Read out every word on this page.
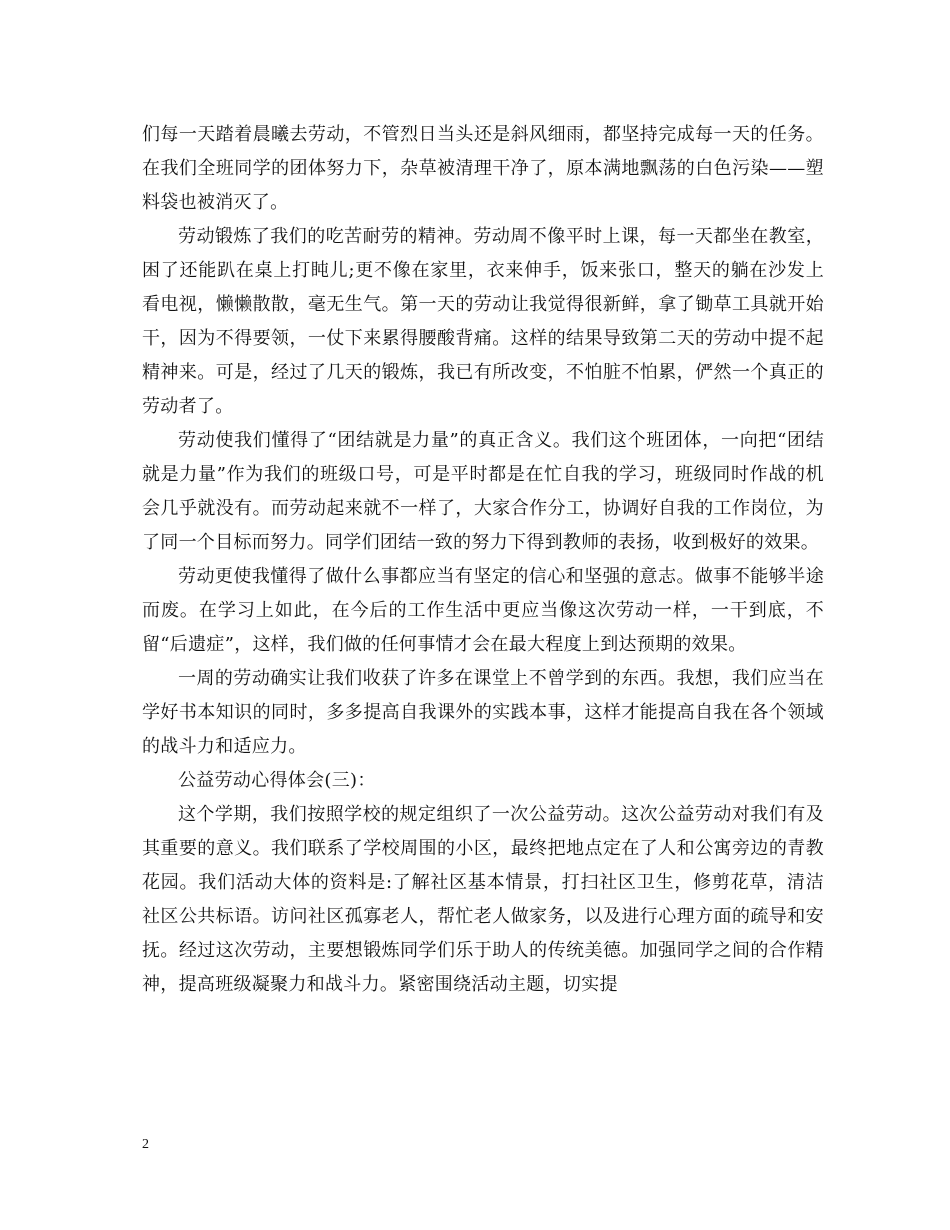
们每一天踏着晨曦去劳动，不管烈日当头还是斜风细雨，都坚持完成每一天的任务。在我们全班同学的团体努力下，杂草被清理干净了，原本满地飘荡的白色污染——塑料袋也被消灭了。

劳动锻炼了我们的吃苦耐劳的精神。劳动周不像平时上课，每一天都坐在教室，困了还能趴在桌上打盹儿;更不像在家里，衣来伸手，饭来张口，整天的躺在沙发上看电视，懒懒散散，毫无生气。第一天的劳动让我觉得很新鲜，拿了锄草工具就开始干，因为不得要领，一仗下来累得腰酸背痛。这样的结果导致第二天的劳动中提不起精神来。可是，经过了几天的锻炼，我已有所改变，不怕脏不怕累，俨然一个真正的劳动者了。

劳动使我们懂得了“团结就是力量”的真正含义。我们这个班团体，一向把“团结就是力量”作为我们的班级口号，可是平时都是在忙自我的学习，班级同时作战的机会几乎就没有。而劳动起来就不一样了，大家合作分工，协调好自我的工作岗位，为了同一个目标而努力。同学们团结一致的努力下得到教师的表扬，收到极好的效果。

劳动更使我懂得了做什么事都应当有坚定的信心和坚强的意志。做事不能够半途而废。在学习上如此，在今后的工作生活中更应当像这次劳动一样，一干到底，不留“后遗症”，这样，我们做的任何事情才会在最大程度上到达预期的效果。

一周的劳动确实让我们收获了许多在课堂上不曾学到的东西。我想，我们应当在学好书本知识的同时，多多提高自我课外的实践本事，这样才能提高自我在各个领域的战斗力和适应力。

公益劳动心得体会(三)：

这个学期，我们按照学校的规定组织了一次公益劳动。这次公益劳动对我们有及其重要的意义。我们联系了学校周围的小区，最终把地点定在了人和公寓旁边的青教花园。我们活动大体的资料是:了解社区基本情景，打扫社区卫生，修剪花草，清洁社区公共标语。访问社区孤寡老人，帮忙老人做家务，以及进行心理方面的疏导和安抚。经过这次劳动，主要想锻炼同学们乐于助人的传统美德。加强同学之间的合作精神，提高班级凝聚力和战斗力。紧密围绕活动主题，切实提

2
